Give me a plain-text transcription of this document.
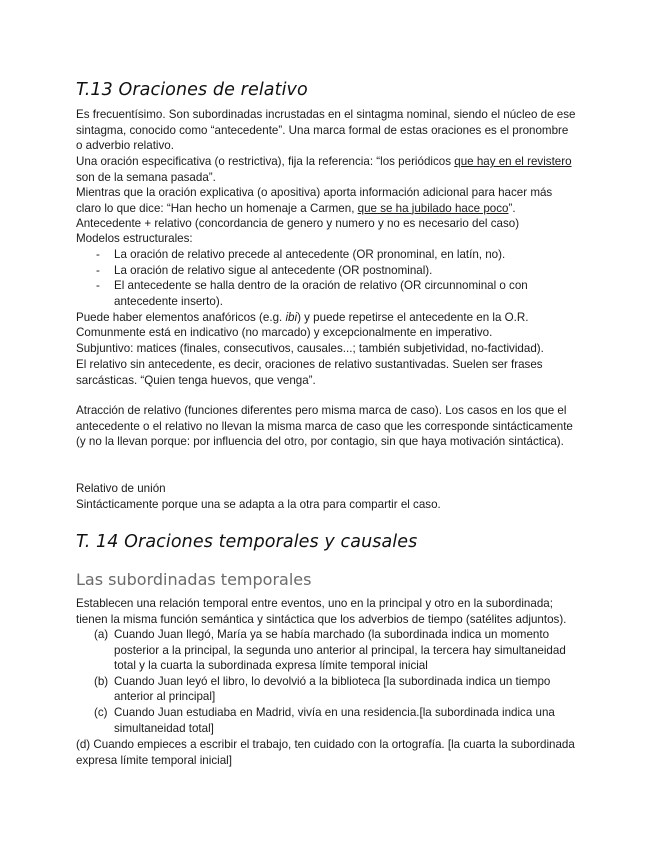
T.13 Oraciones de relativo

Es frecuentísimo. Son subordinadas incrustadas en el sintagma nominal, siendo el núcleo de ese sintagma, conocido como “antecedente”. Una marca formal de estas oraciones es el pronombre o adverbio relativo.

Una oración especificativa (o restrictiva), fija la referencia: “los periódicos que hay en el revistero son de la semana pasada”.

Mientras que la oración explicativa (o apositiva) aporta información adicional para hacer más claro lo que dice: “Han hecho un homenaje a Carmen, que se ha jubilado hace poco”.

Antecedente + relativo (concordancia de genero y numero y no es necesario del caso)

Modelos estructurales:

- La oración de relativo precede al antecedente (OR pronominal, en latín, no).
- La oración de relativo sigue al antecedente (OR postnominal).
- El antecedente se halla dentro de la oración de relativo (OR circunnominal o con antecedente inserto).

Puede haber elementos anafóricos (e.g. ibi) y puede repetirse el antecedente en la O.R.

Comunmente está en indicativo (no marcado) y excepcionalmente en imperativo.

Subjuntivo: matices (finales, consecutivos, causales...; también subjetividad, no-factividad).

El relativo sin antecedente, es decir, oraciones de relativo sustantivadas. Suelen ser frases sarcásticas. “Quien tenga huevos, que venga”.

Atracción de relativo (funciones diferentes pero misma marca de caso). Los casos en los que el antecedente o el relativo no llevan la misma marca de caso que les corresponde sintácticamente (y no la llevan porque: por influencia del otro, por contagio, sin que haya motivación sintáctica).

Relativo de unión

Sintácticamente porque una se adapta a la otra para compartir el caso.

T. 14 Oraciones temporales y causales
Las subordinadas temporales

Establecen una relación temporal entre eventos, uno en la principal y otro en la subordinada; tienen la misma función semántica y sintáctica que los adverbios de tiempo (satélites adjuntos).

(a) Cuando Juan llegó, María ya se había marchado (la subordinada indica un momento posterior a la principal, la segunda uno anterior al principal, la tercera hay simultaneidad total y la cuarta la subordinada expresa límite temporal inicial
(b) Cuando Juan leyó el libro, lo devolvió a la biblioteca [la subordinada indica un tiempo anterior al principal]
(c) Cuando Juan estudiaba en Madrid, vivía en una residencia.[la subordinada indica una simultaneidad total]

(d) Cuando empieces a escribir el trabajo, ten cuidado con la ortografía. [la cuarta la subordinada expresa límite temporal inicial]
